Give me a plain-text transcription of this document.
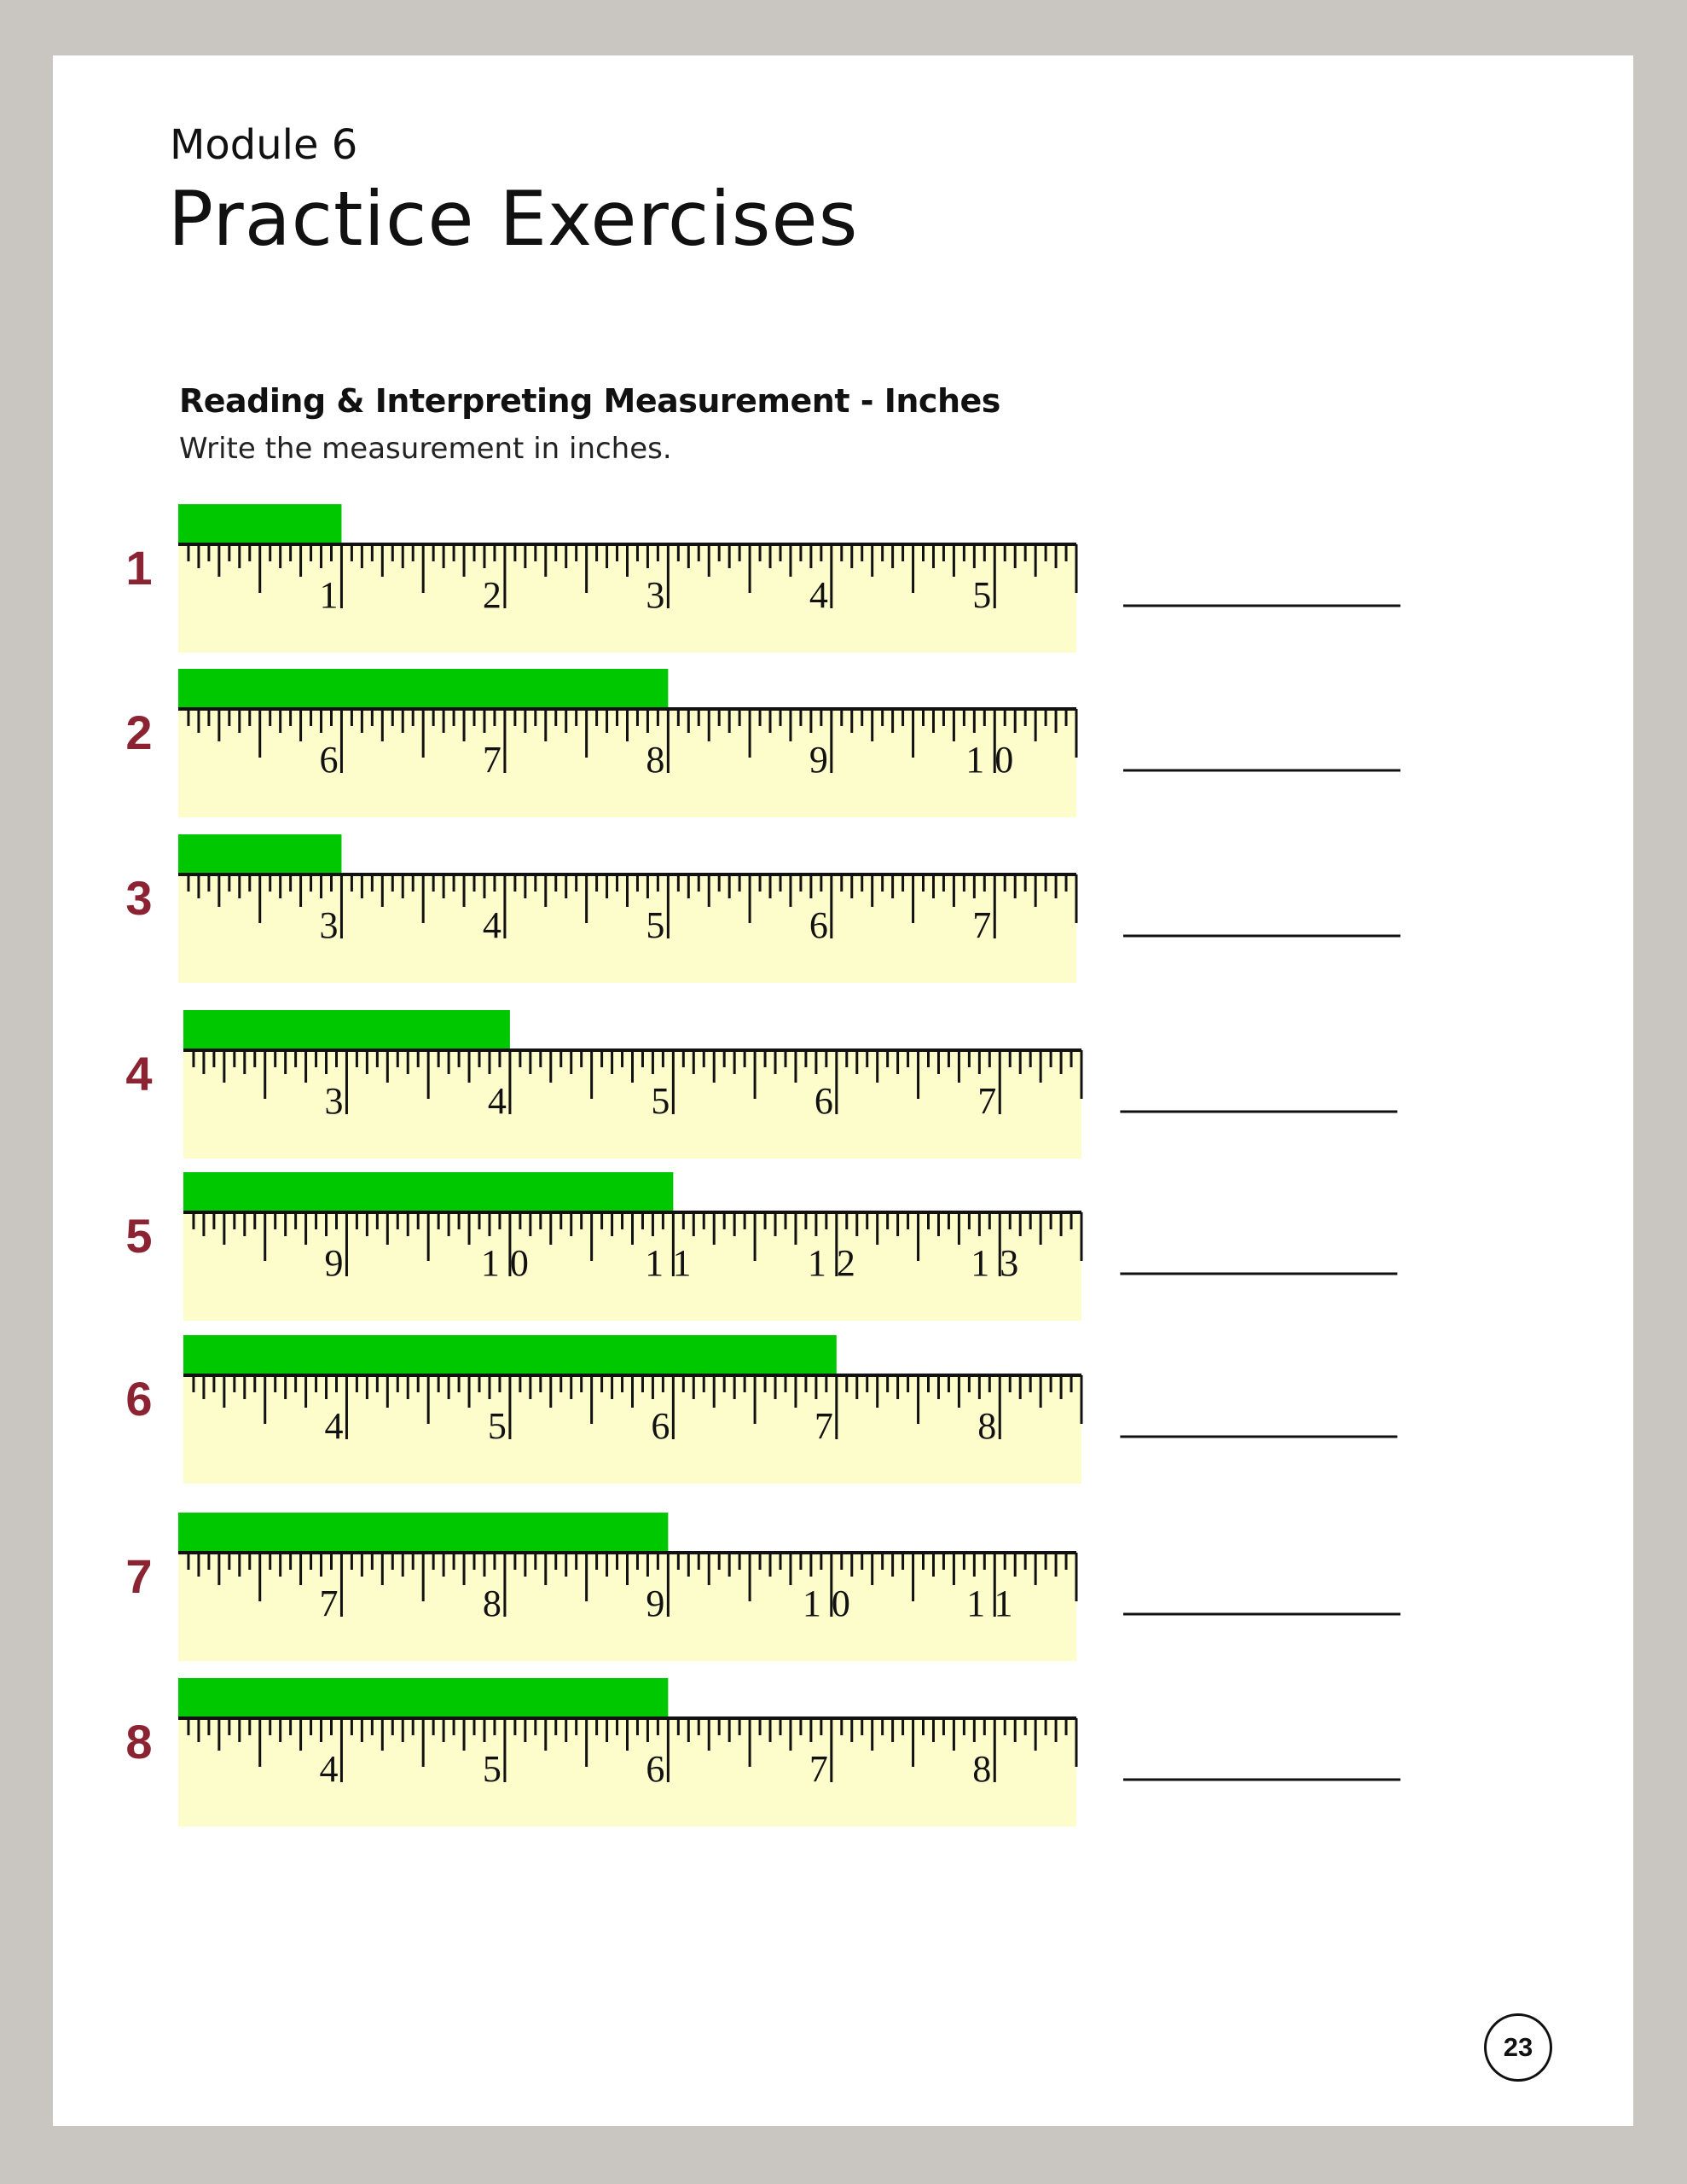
Module 6
Practice Exercises
Reading & Interpreting Measurement - Inches
Write the measurement in inches.
1
1	2	3	4	5
2
6	7	8	9	10
3
3	4	5	6	7
4
3	4	5	6	7
5
9	10	11	12	13
6
4	5	6	7	8
7
7	8	9	10	11
8
4	5	6	7	8
23
